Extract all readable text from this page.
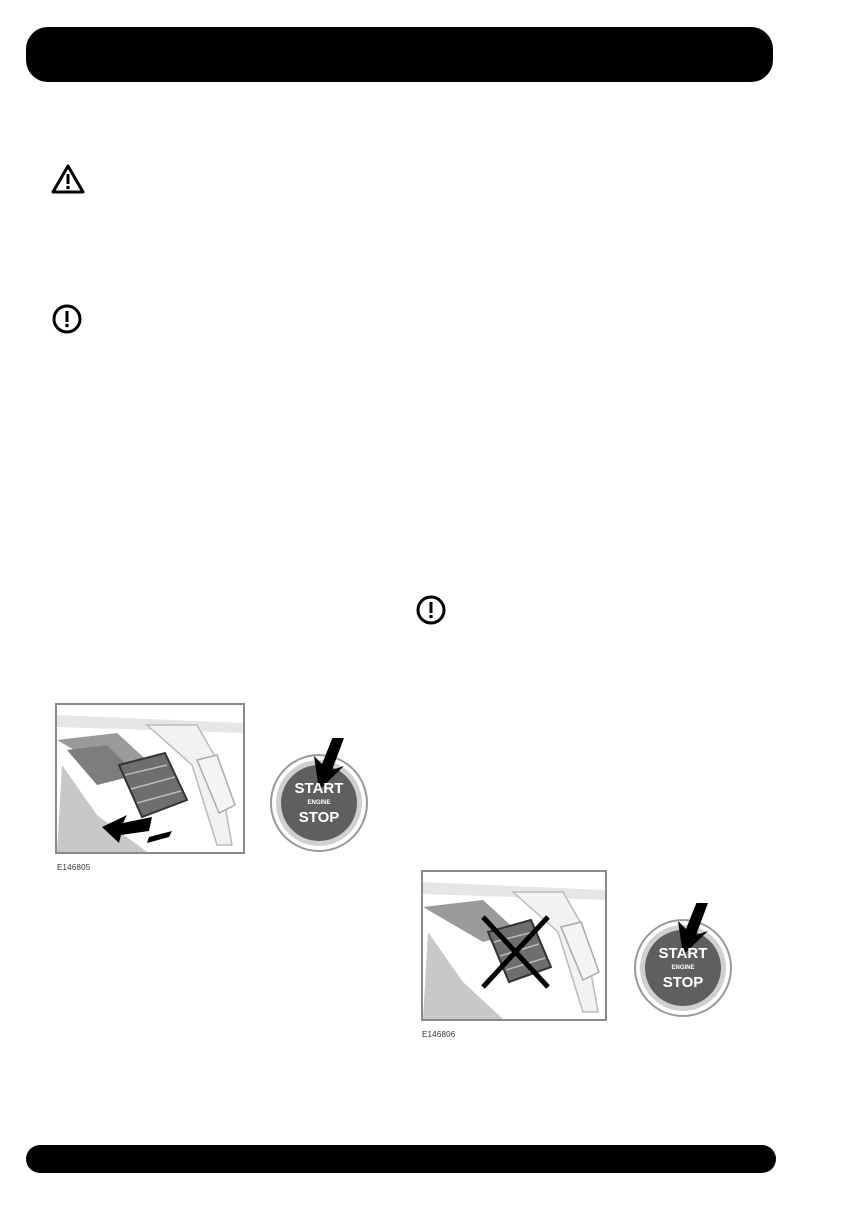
E146805
START
ENGINE
STOP
E146806
START
ENGINE
STOP
